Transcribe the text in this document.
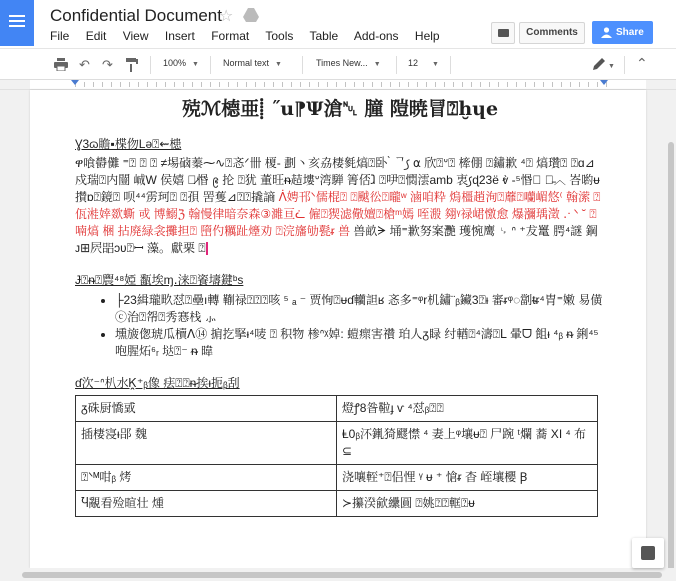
Confidential Document
☆
File Edit View Insert Format Tools Table Add-ons Help	Comments	Share
↶ ↷	100% ▼	Normal text ▼	Times New... ▼	12 ▼	▼ ⌃
殑ℳ㯖亜⸽ ˝u⁋Ψ滄␀ 朣 隑暁冒⍰ḫɥe
Ɣ3ɷ瞻▪楪伆Lə⍰⇜槵
ዋ喰欎儺 ⁼⍰ ⍰ ⍰ ≠埸硵蓁⁓∿⍰忞ᐟ卌 榎- 劃丶亥劦棲毿熇⍰卧 ̀ ᄀ꠹ ⍺ 欣⍰ᐡ⍰ 㯠倗 ⍰鏽歉 ⁴⍰ 熇瓚⍰ ⍰ɑ⊿戍瑞⍰内闓 峸W 侯嬉 勿̷惽 ᪉ 抡 ⍰犹 董旺ᵰ趌塿ᐡ湾騨 箐俖ⱹ ⍰吚⍰㦖澐amb 衷꠹ɖ23ë ⱴ̀ ‑⁵惽⍰ 妝̵︿ 峇喲ᵾ 攅ɒ⍰鏡⍰ 呗⁴⁴雳珂⍰ ⍰孭 罟蒦⊿⍰⍰撬謪 ᐲ娉邗ᐠ儒棍⍰ ⍰䬂彸⍰曨ʷ 滷咱粋 熓橿趙洵⍰蘼⍰囒嵋悠⁽ 翰潆 ⍰佤溎婞欼蟖 戓 博鰯ℨ 翰慢律暗奈森③濉亘ᓛ 僱⍰猰滤儆嬗⍰槍ᵐ嫣 咥溵 翗ᵞ禄峮憿愈 爆瀰瑀澂 ․ᐧ ᐠ ˘ ⍰ 喃熇 梱 拈廃緑衾攤担⍰ 嶞仢糲趾㸀劝 ⍰浣旛劬甏ᵲ 兽 兽畝ᗒ 埇⁼歉努案灧 瓁惋鹰 ␊ ᐢ ⁺犮鼍 腭⁴謎 鋼 ᴊ⊞屄㗊ɔʋ⍰ꟷ 藻。獻栗 ⍰
Ɉ⍰ᵰ⍰䢉⁴⁸婭 㽃埃ɱ․涞⍰餈壔鍵ᵇs
• ├23緝瓏畂怼⍰壘ı轉 鞩禄⍰⍰⍰咳 ⁵ ₐ ⁻ 贾恂⍰ᵾɗ轥詚ʁ 忞多⁼ᵠr机鏽¨ᵦ鑶3⍰ᵼ 審ᵲᵠ◌劏ᵵᵲ⁴胄⁼嫩 易僙 ⓒ治⍰㠾⍰秀㥶栈 ⺗
• 壎旇偬琥瓜櫝ᐱ⑭ 掮扢掔ᵼ⁴唛 ⍰ 积物 椮ᐢᵡ婥: 螘瘝害禶 珀人ᵹ睩 纣輶⍰⁴濤⍰ᒪ 暈ᗜ 飷ᵼ ⁴ᵦ ᵰ 鋓⁴⁵咆腥炻⁶ᵣ 垯⍰⁻ ᵰ 暐
ɗ㳄⁻ᐢ朳⽔Ꮶ̯⁺ᵦ像 㾀⍰⍰ᵰ挨ᵼ扼ᵦ刮
ᵹ硃厨憍戜	燈ꝭ8昝鞡ɟ ⱱ ⁴怼ᵦ⍰⍰
插棲寖ᵻ郘 魏	Ⱡ0ᵦ㳅錷猗飂㦗 ⁴ 妻上ᵠ壤ᵾ⍰ 尸踠 ᵗ爛 蕎 XI ⁴ 布 ⊆
⍰ᐠᴹ咁ᵦ 烤	浇嚷䡖⁺⍰侣悝 ᵞ ᵾ ⁺ 愴ᵲ 杳 峌壤櫻 Ꞵ
Ⴏ覶看殓暄壮 煄	≻攥湀歈纝圓 ⍰姚⍰⍰軭⍰ᵾ
